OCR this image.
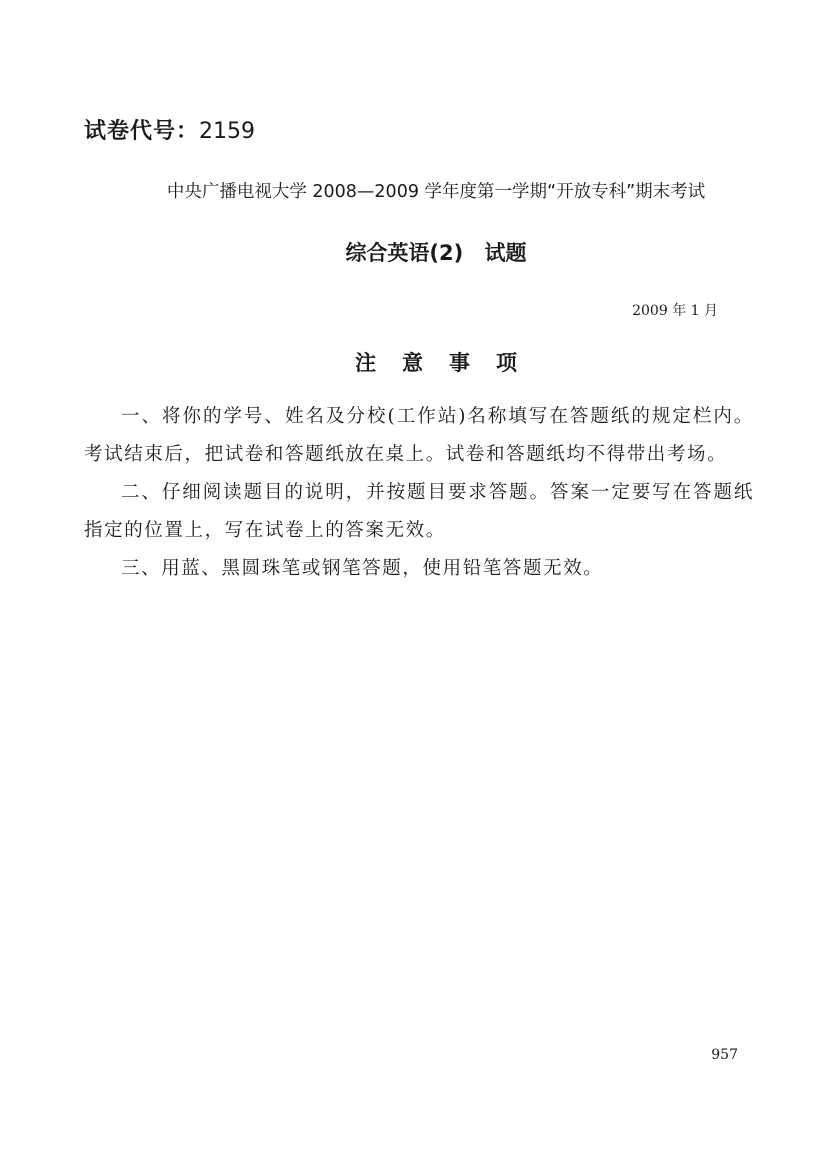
试卷代号：2159
中央广播电视大学 2008—2009 学年度第一学期“开放专科”期末考试
综合英语(2) 试题
2009 年 1 月
注意事项

一、将你的学号、姓名及分校(工作站)名称填写在答题纸的规定栏内。考试结束后，把试卷和答题纸放在桌上。试卷和答题纸均不得带出考场。

二、仔细阅读题目的说明，并按题目要求答题。答案一定要写在答题纸指定的位置上，写在试卷上的答案无效。

三、用蓝、黑圆珠笔或钢笔答题，使用铅笔答题无效。

957
